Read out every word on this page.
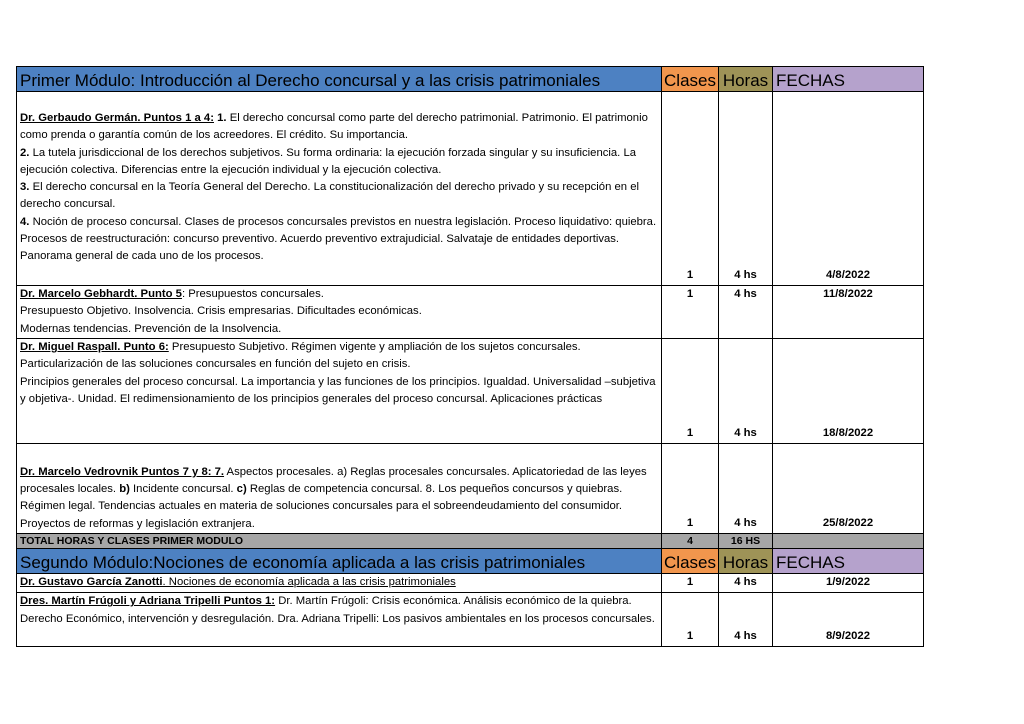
Primer Módulo: Introducción al Derecho concursal y a las crisis patrimoniales	Clases	Horas	FECHAS

Dr. Gerbaudo Germán. Puntos 1 a 4: 1. El derecho concursal como parte del derecho patrimonial. Patrimonio. El patrimonio como prenda o garantía común de los acreedores. El crédito. Su importancia.
2. La tutela jurisdiccional de los derechos subjetivos. Su forma ordinaria: la ejecución forzada singular y su insuficiencia. La ejecución colectiva. Diferencias entre la ejecución individual y la ejecución colectiva.
3. El derecho concursal en la Teoría General del Derecho. La constitucionalización del derecho privado y su recepción en el derecho concursal.
4. Noción de proceso concursal. Clases de procesos concursales previstos en nuestra legislación. Proceso liquidativo: quiebra. Procesos de reestructuración: concurso preventivo. Acuerdo preventivo extrajudicial. Salvataje de entidades deportivas. Panorama general de cada uno de los procesos.	1	4 hs	4/8/2022
Dr. Marcelo Gebhardt. Punto 5: Presupuestos concursales.
Presupuesto Objetivo. Insolvencia. Crisis empresarias. Dificultades económicas.
Modernas tendencias. Prevención de la Insolvencia.	1	4 hs	11/8/2022
Dr. Miguel Raspall. Punto 6: Presupuesto Subjetivo. Régimen vigente y ampliación de los sujetos concursales. Particularización de las soluciones concursales en función del sujeto en crisis.
Principios generales del proceso concursal. La importancia y las funciones de los principios. Igualdad. Universalidad –subjetiva y objetiva-. Unidad. El redimensionamiento de los principios generales del proceso concursal. Aplicaciones prácticas	1	4 hs	18/8/2022
Dr. Marcelo Vedrovnik Puntos 7 y 8: 7. Aspectos procesales. a) Reglas procesales concursales. Aplicatoriedad de las leyes procesales locales. b) Incidente concursal. c) Reglas de competencia concursal. 8. Los pequeños concursos y quiebras. Régimen legal. Tendencias actuales en materia de soluciones concursales para el sobreendeudamiento del consumidor. Proyectos de reformas y legislación extranjera.	1	4 hs	25/8/2022
TOTAL HORAS Y CLASES PRIMER MODULO	4	16 HS	
Segundo Módulo:Nociones de economía aplicada a las crisis patrimoniales	Clases	Horas	FECHAS
Dr. Gustavo García Zanotti. Nociones de economía aplicada a las crisis patrimoniales	1	4 hs	1/9/2022
Dres. Martín Frúgoli y Adriana Tripelli Puntos 1: Dr. Martín Frúgoli: Crisis económica. Análisis económico de la quiebra. Derecho Económico, intervención y desregulación. Dra. Adriana Tripelli: Los pasivos ambientales en los procesos concursales.	1	4 hs	8/9/2022
